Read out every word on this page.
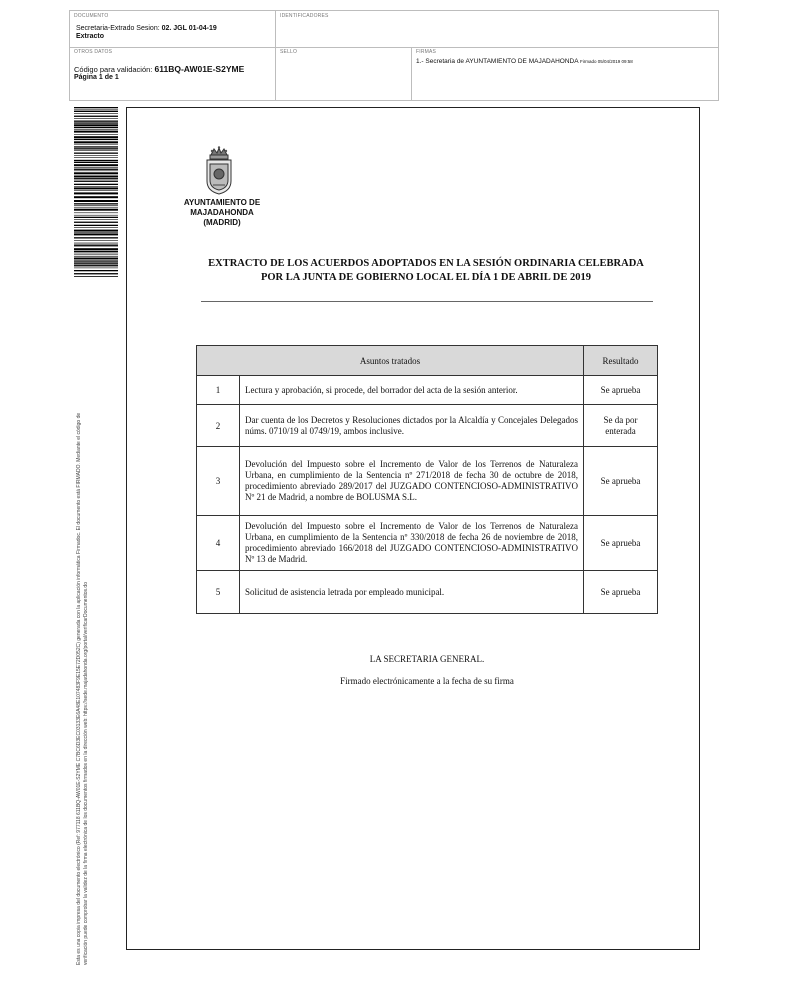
DOCUMENTO
Secretaria-Extrado Sesion: 02. JGL 01-04-19
Extracto
IDENTIFICADORES
OTROS DATOS
Código para validación: 611BQ-AW01E-S2YME
Página 1 de 1
SELLO	FIRMAS
1.- Secretaria de AYUNTAMIENTO DE MAJADAHONDA Firmado 05/04/2019 09:58
Esta es una copia impresa del documento electrónico (Ref: 977118 611BQ-AW01E-S2YME C7BC6D3EC03133E6A48E107483F9E15E72D052C) generada con la aplicación informática Firmadoc. El documento está FIRMADO. Mediante el código de verificación puede comprobar la validez de la firma electrónica de los documentos firmados en la dirección web: https://sede.majadahonda.org/portal/verificarDocumentos.do
AYUNTAMIENTO DE
MAJADAHONDA
(MADRID)
EXTRACTO DE LOS ACUERDOS ADOPTADOS EN LA SESIÓN ORDINARIA CELEBRADA
POR LA JUNTA DE GOBIERNO LOCAL EL DÍA 1 DE ABRIL DE 2019
Asuntos tratados		Resultado
1	Lectura y aprobación, si procede, del borrador del acta de la sesión anterior.	Se aprueba
2	Dar cuenta de los Decretos y Resoluciones dictados por la Alcaldía y Concejales Delegados núms. 0710/19 al 0749/19, ambos inclusive.	Se da por enterada

3	Devolución del Impuesto sobre el Incremento de Valor de los Terrenos de Naturaleza Urbana, en cumplimiento de la Sentencia nº 271/2018 de fecha 30 de octubre de 2018, procedimiento abreviado 289/2017 del JUZGADO CONTENCIOSO-ADMINISTRATIVO Nº 21 de Madrid, a nombre de BOLUSMA S.L.	Se aprueba
4	Devolución del Impuesto sobre el Incremento de Valor de los Terrenos de Naturaleza Urbana, en cumplimiento de la Sentencia nº 330/2018 de fecha 26 de noviembre de 2018, procedimiento abreviado 166/2018 del JUZGADO CONTENCIOSO-ADMINISTRATIVO Nº 13 de Madrid.	Se aprueba
5	Solicitud de asistencia letrada por empleado municipal.	Se aprueba
LA SECRETARIA GENERAL.
Firmado electrónicamente a la fecha de su firma
